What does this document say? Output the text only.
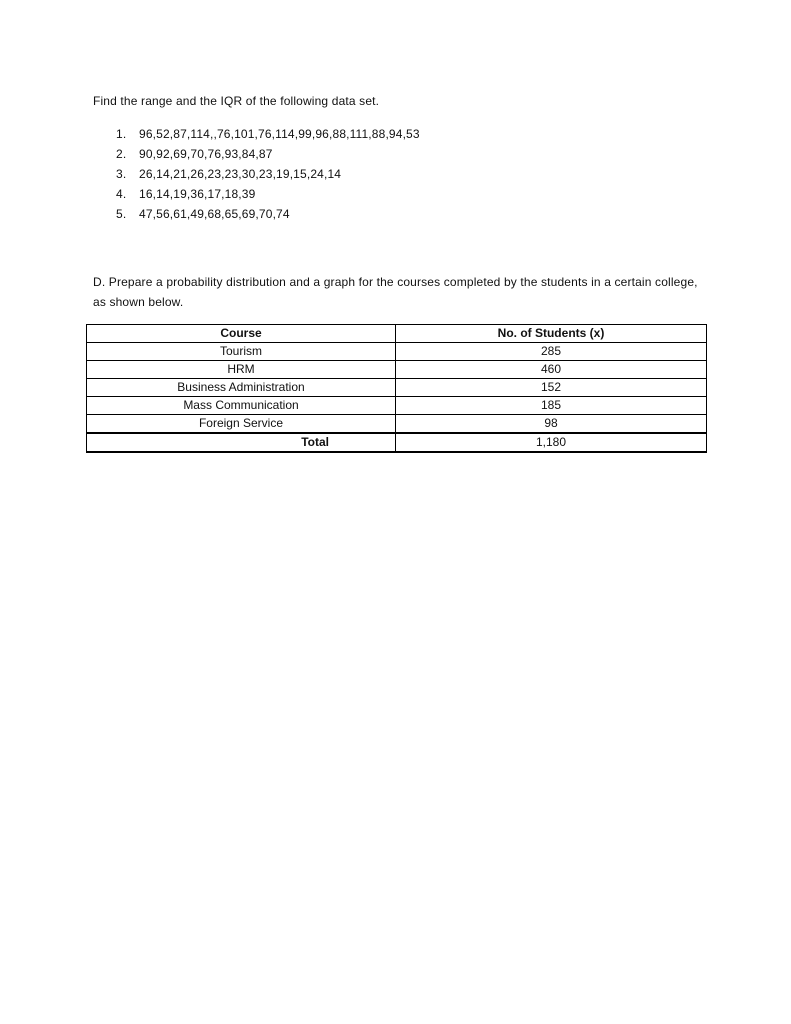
Find the range and the IQR of the following data set.

1. 96,52,87,114,,76,101,76,114,99,96,88,111,88,94,53
2. 90,92,69,70,76,93,84,87
3. 26,14,21,26,23,23,30,23,19,15,24,14
4. 16,14,19,36,17,18,39
5. 47,56,61,49,68,65,69,70,74

D. Prepare a probability distribution and a graph for the courses completed by the students in a certain college, as shown below.

Course	No. of Students (x)
Tourism	285
HRM	460
Business Administration	152
Mass Communication	185
Foreign Service	98
Total	1,180
